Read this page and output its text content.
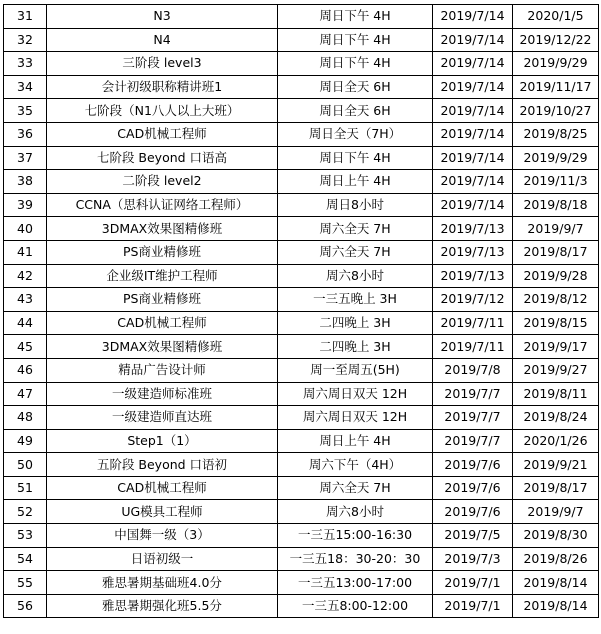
31	N3	周日下午 4H	2019/7/14	2020/1/5
32	N4	周日下午 4H	2019/7/14	2019/12/22
33	三阶段 level3	周日下午 4H	2019/7/14	2019/9/29
34	会计初级职称精讲班1	周日全天 6H	2019/7/14	2019/11/17
35	七阶段（N1八人以上大班）	周日全天 6H	2019/7/14	2019/10/27
36	CAD机械工程师	周日全天（7H）	2019/7/14	2019/8/25
37	七阶段 Beyond 口语高	周日下午 4H	2019/7/14	2019/9/29
38	二阶段 level2	周日上午 4H	2019/7/14	2019/11/3
39	CCNA（思科认证网络工程师）	周日8小时	2019/7/14	2019/8/18
40	3DMAX效果图精修班	周六全天 7H	2019/7/13	2019/9/7
41	PS商业精修班	周六全天 7H	2019/7/13	2019/8/17
42	企业级IT维护工程师	周六8小时	2019/7/13	2019/9/28
43	PS商业精修班	一三五晚上 3H	2019/7/12	2019/8/12
44	CAD机械工程师	二四晚上 3H	2019/7/11	2019/8/15
45	3DMAX效果图精修班	二四晚上 3H	2019/7/11	2019/9/17
46	精品广告设计师	周一至周五(5H)	2019/7/8	2019/9/27
47	一级建造师标准班	周六周日双天 12H	2019/7/7	2019/8/11
48	一级建造师直达班	周六周日双天 12H	2019/7/7	2019/8/24
49	Step1（1）	周日上午 4H	2019/7/7	2020/1/26
50	五阶段 Beyond 口语初	周六下午（4H）	2019/7/6	2019/9/21
51	CAD机械工程师	周六全天 7H	2019/7/6	2019/8/17
52	UG模具工程师	周六8小时	2019/7/6	2019/9/7
53	中国舞一级（3）	一三五15:00-16:30	2019/7/5	2019/8/30
54	日语初级一	一三五18：30-20：30	2019/7/3	2019/8/26
55	雅思暑期基础班4.0分	一三五13:00-17:00	2019/7/1	2019/8/14
56	雅思暑期强化班5.5分	一三五8:00-12:00	2019/7/1	2019/8/14
